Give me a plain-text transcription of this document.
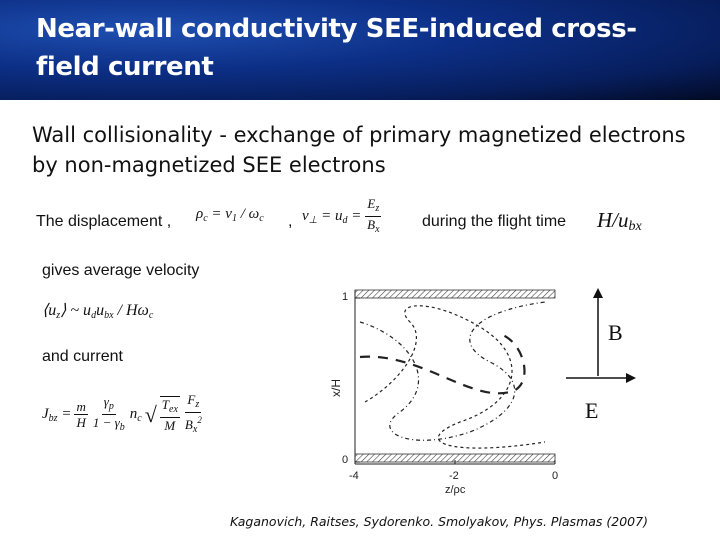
Near-wall conductivity SEE-induced cross-field current
Wall collisionality - exchange of primary magnetized electrons by non-magnetized SEE electrons
The displacement , $\rho_c = v_1 / \omega_c$ , $v_\perp = u_d = \frac{E_z}{B_x}$	during the flight time $H/u_{bx}$
gives average velocity
$⟨u_z⟩$ ~ $u_du_{bx} / H\omega_c$
and current
$J_{bz} = \frac{m}{H} \frac{\gamma_p}{1 - \gamma_b} n_c$ √ $\frac{T_{ex}}{M} \frac{F_z}{B_x^2}$
1
0
-4	-2	0
z/ρc
x/H
B
E
Kaganovich, Raitses, Sydorenko. Smolyakov, Phys. Plasmas (2007)
